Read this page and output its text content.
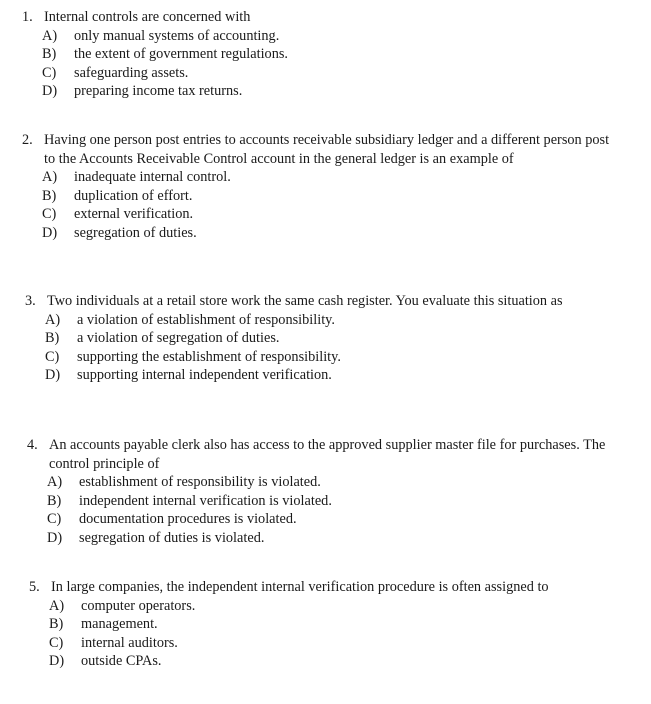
1. Internal controls are concerned with
A) only manual systems of accounting.
B) the extent of government regulations.
C) safeguarding assets.
D) preparing income tax returns.
2. Having one person post entries to accounts receivable subsidiary ledger and a different person post to the Accounts Receivable Control account in the general ledger is an example of
A) inadequate internal control.
B) duplication of effort.
C) external verification.
D) segregation of duties.
3. Two individuals at a retail store work the same cash register. You evaluate this situation as
A) a violation of establishment of responsibility.
B) a violation of segregation of duties.
C) supporting the establishment of responsibility.
D) supporting internal independent verification.
4. An accounts payable clerk also has access to the approved supplier master file for purchases. The control principle of
A) establishment of responsibility is violated.
B) independent internal verification is violated.
C) documentation procedures is violated.
D) segregation of duties is violated.
5. In large companies, the independent internal verification procedure is often assigned to
A) computer operators.
B) management.
C) internal auditors.
D) outside CPAs.
